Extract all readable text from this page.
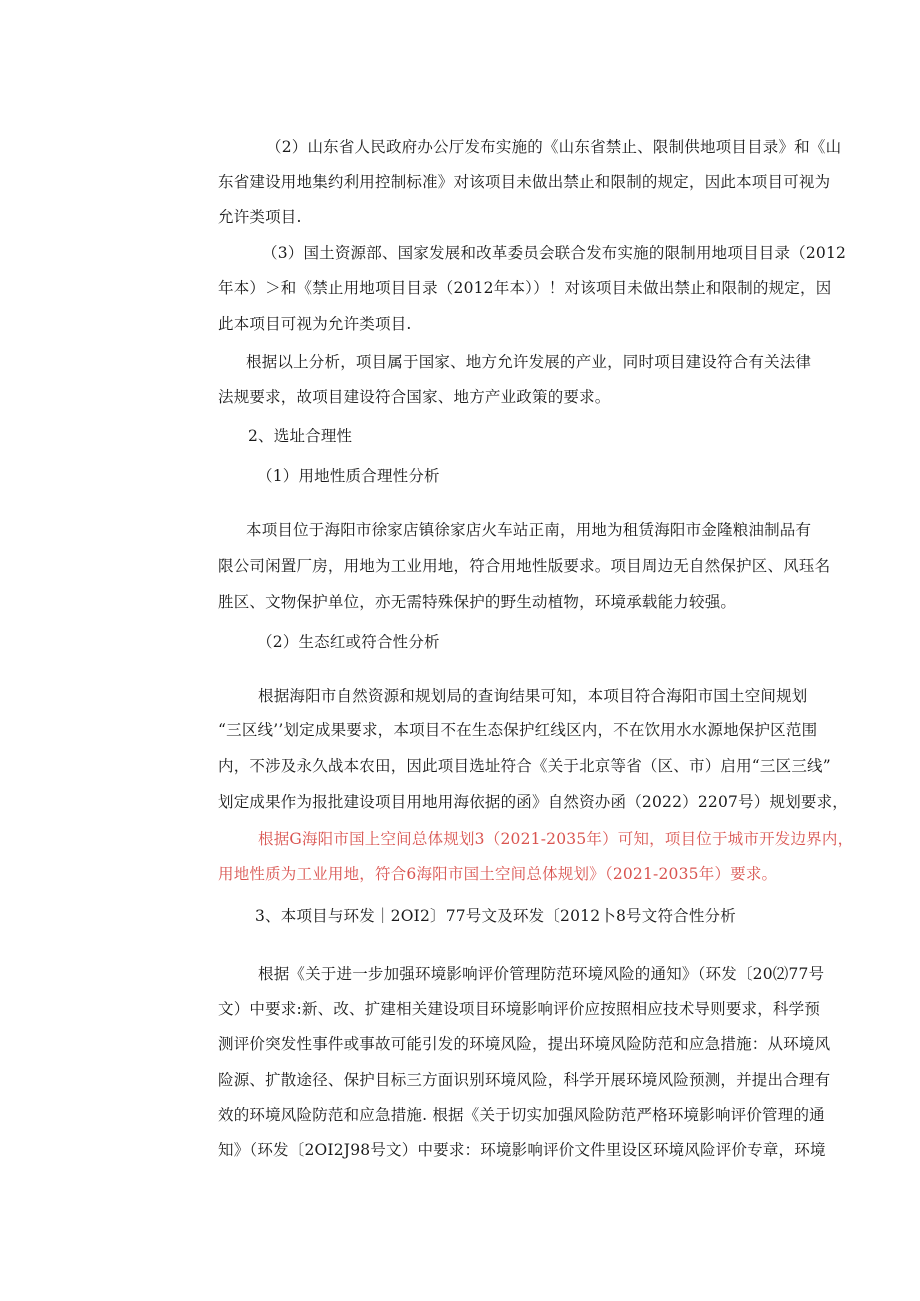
（2）山东省人民政府办公厅发布实施的《山东省禁止、限制供地项目目录》和《山
东省建设用地集约利用控制标准》对该项目未做出禁止和限制的规定，因此本项目可视为
允许类项目.
（3）国土资源部、国家发展和改革委员会联合发布实施的限制用地项目目录（2012
年本）＞和《禁止用地项目目录（2012年本））！对该项目未做出禁止和限制的规定，因
此本项目可视为允许类项目.
根据以上分析，项目属于国家、地方允许发展的产业，同时项目建设符合有关法律
法规要求，故项目建设符合国家、地方产业政策的要求。
2、选址合理性
（1）用地性质合理性分析
本项目位于海阳市徐家店镇徐家店火车站正南，用地为租赁海阳市金隆粮油制品有
限公司闲置厂房，用地为工业用地，符合用地性版要求。项目周边无自然保护区、风珏名
胜区、文物保护单位，亦无需特殊保护的野生动植物，环境承载能力较强。
（2）生态红或符合性分析
根据海阳市自然资源和规划局的查询结果可知，本项目符合海阳市国土空间规划
“三区线’’划定成果要求，本项目不在生态保护红线区内，不在饮用水水源地保护区范围
内，不涉及永久战本农田，因此项目选址符合《关于北京等省（区、市）启用“三区三线”
划定成果作为报批建设项目用地用海依据的函》自然资办函（2022）2207号）规划要求，
根据G海阳市国上空间总体规划3（2021-2035年）可知，项目位于城市开发边界内，
用地性质为工业用地，符合6海阳市国土空间总体规划》（2021-2035年）要求。
3、本项目与环发｜2OI2〕77号文及环发〔2012卜8号文符合性分析
根据《关于进一步加强环境影响评价管理防范环境风险的通知》（环发〔20⑵77号
文）中要求:新、改、扩建相关建设项目环境影响评价应按照相应技术导则要求，科学预
测评价突发性事件或事故可能引发的环境风险，提出环境风险防范和应急措施：从环境风
险源、扩散途径、保护目标三方面识别环境风险，科学开展环境风险预测，并提出合理有
效的环境风险防范和应急措施. 根据《关于切实加强风险防范严格环境影响评价管理的通
知》（环发〔2OI2J98号文）中要求：环境影响评价文件里设区环境风险评价专章，环境
